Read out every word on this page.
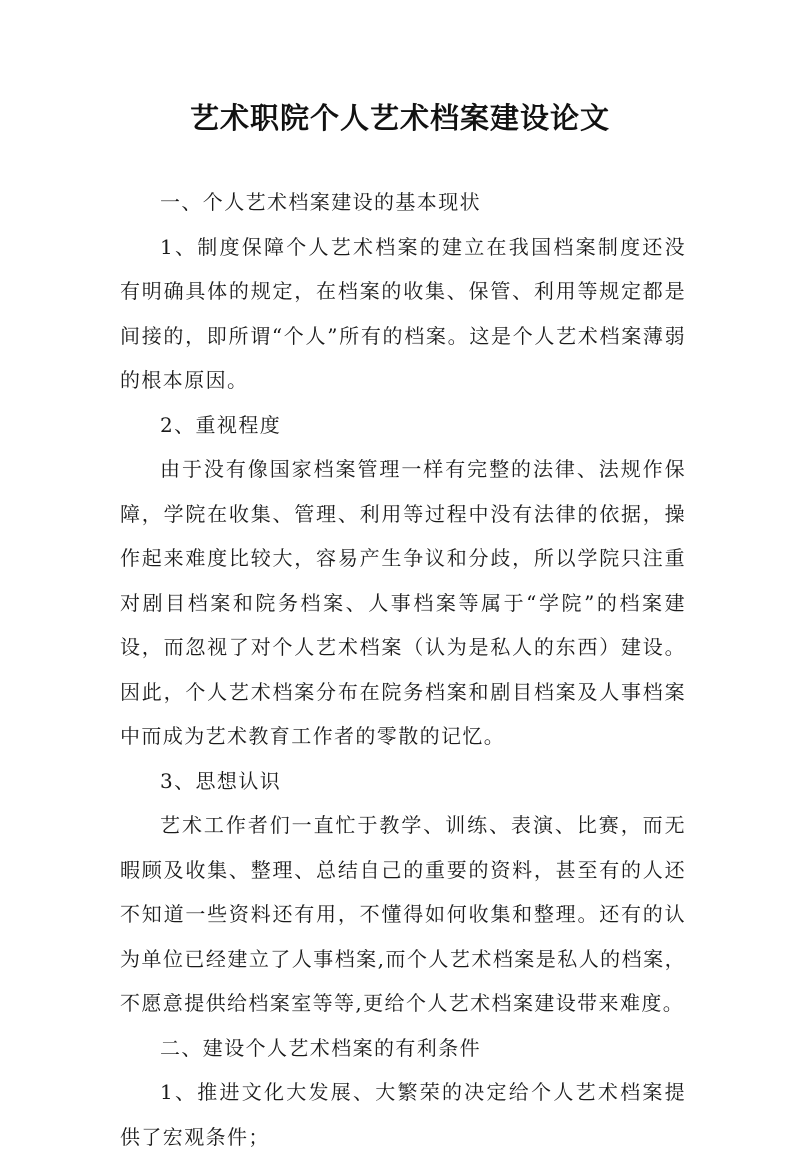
艺术职院个人艺术档案建设论文

一、个人艺术档案建设的基本现状

1、制度保障个人艺术档案的建立在我国档案制度还没有明确具体的规定，在档案的收集、保管、利用等规定都是间接的，即所谓“个人”所有的档案。这是个人艺术档案薄弱的根本原因。

2、重视程度

由于没有像国家档案管理一样有完整的法律、法规作保障，学院在收集、管理、利用等过程中没有法律的依据，操作起来难度比较大，容易产生争议和分歧，所以学院只注重对剧目档案和院务档案、人事档案等属于“学院”的档案建设，而忽视了对个人艺术档案（认为是私人的东西）建设。因此，个人艺术档案分布在院务档案和剧目档案及人事档案中而成为艺术教育工作者的零散的记忆。

3、思想认识

艺术工作者们一直忙于教学、训练、表演、比赛，而无暇顾及收集、整理、总结自己的重要的资料，甚至有的人还不知道一些资料还有用，不懂得如何收集和整理。还有的认为单位已经建立了人事档案,而个人艺术档案是私人的档案，不愿意提供给档案室等等,更给个人艺术档案建设带来难度。

二、建设个人艺术档案的有利条件

1、推进文化大发展、大繁荣的决定给个人艺术档案提供了宏观条件；
